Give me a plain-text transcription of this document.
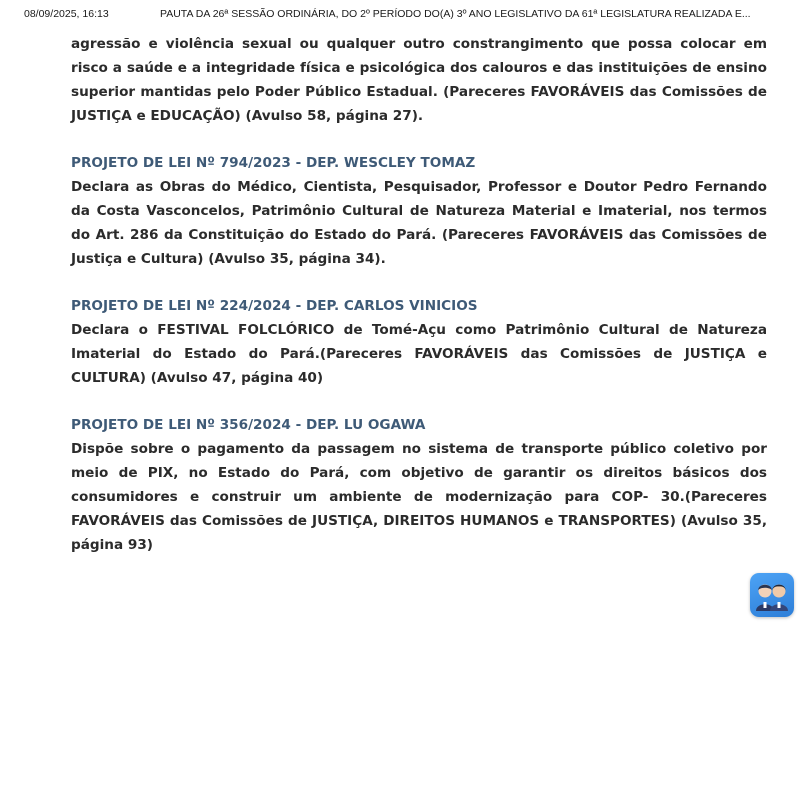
08/09/2025, 16:13	PAUTA DA 26ª SESSÃO ORDINÁRIA, DO 2º PERÍODO DO(A) 3º ANO LEGISLATIVO DA 61ª LEGISLATURA REALIZADA E...

agressão e violência sexual ou qualquer outro constrangimento que possa colocar em risco a saúde e a integridade física e psicológica dos calouros e das instituições de ensino superior mantidas pelo Poder Público Estadual. (Pareceres FAVORÁVEIS das Comissões de JUSTIÇA e EDUCAÇÃO) (Avulso 58, página 27).

PROJETO DE LEI Nº 794/2023 - DEP. WESCLEY TOMAZ

Declara as Obras do Médico, Cientista, Pesquisador, Professor e Doutor Pedro Fernando da Costa Vasconcelos, Patrimônio Cultural de Natureza Material e Imaterial, nos termos do Art. 286 da Constituição do Estado do Pará. (Pareceres FAVORÁVEIS das Comissões de Justiça e Cultura) (Avulso 35, página 34).

PROJETO DE LEI Nº 224/2024 - DEP. CARLOS VINICIOS

Declara o FESTIVAL FOLCLÓRICO de Tomé-Açu como Patrimônio Cultural de Natureza Imaterial do Estado do Pará.(Pareceres FAVORÁVEIS das Comissões de JUSTIÇA e CULTURA) (Avulso 47, página 40)

PROJETO DE LEI Nº 356/2024 - DEP. LU OGAWA

Dispõe sobre o pagamento da passagem no sistema de transporte público coletivo por meio de PIX, no Estado do Pará, com objetivo de garantir os direitos básicos dos consumidores e construir um ambiente de modernização para COP- 30.(Pareceres FAVORÁVEIS das Comissões de JUSTIÇA, DIREITOS HUMANOS e TRANSPORTES) (Avulso 35, página 93)
